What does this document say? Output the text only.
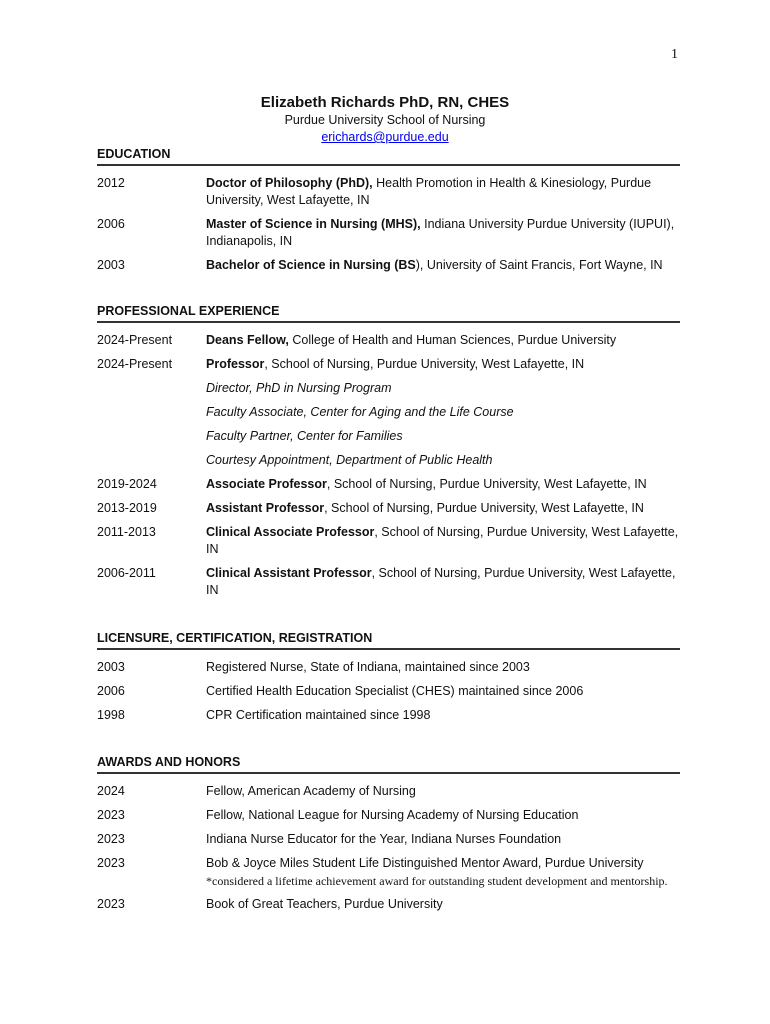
1
Elizabeth Richards PhD, RN, CHES
Purdue University School of Nursing
erichards@purdue.edu
EDUCATION
2012	Doctor of Philosophy (PhD), Health Promotion in Health & Kinesiology, Purdue University, West Lafayette, IN
2006	Master of Science in Nursing (MHS), Indiana University Purdue University (IUPUI), Indianapolis, IN
2003	Bachelor of Science in Nursing (BS), University of Saint Francis, Fort Wayne, IN
PROFESSIONAL EXPERIENCE
2024-Present	Deans Fellow, College of Health and Human Sciences, Purdue University
2024-Present	Professor, School of Nursing, Purdue University, West Lafayette, IN
Director, PhD in Nursing Program
Faculty Associate, Center for Aging and the Life Course
Faculty Partner, Center for Families
Courtesy Appointment, Department of Public Health
2019-2024	Associate Professor, School of Nursing, Purdue University, West Lafayette, IN
2013-2019	Assistant Professor, School of Nursing, Purdue University, West Lafayette, IN
2011-2013	Clinical Associate Professor, School of Nursing, Purdue University, West Lafayette, IN
2006-2011	Clinical Assistant Professor, School of Nursing, Purdue University, West Lafayette, IN
LICENSURE, CERTIFICATION, REGISTRATION
2003	Registered Nurse, State of Indiana, maintained since 2003
2006	Certified Health Education Specialist (CHES) maintained since 2006
1998	CPR Certification maintained since 1998
AWARDS AND HONORS
2024	Fellow, American Academy of Nursing
2023	Fellow, National League for Nursing Academy of Nursing Education
2023	Indiana Nurse Educator for the Year, Indiana Nurses Foundation
2023	Bob & Joyce Miles Student Life Distinguished Mentor Award, Purdue University
*considered a lifetime achievement award for outstanding student development and mentorship.
2023	Book of Great Teachers, Purdue University
